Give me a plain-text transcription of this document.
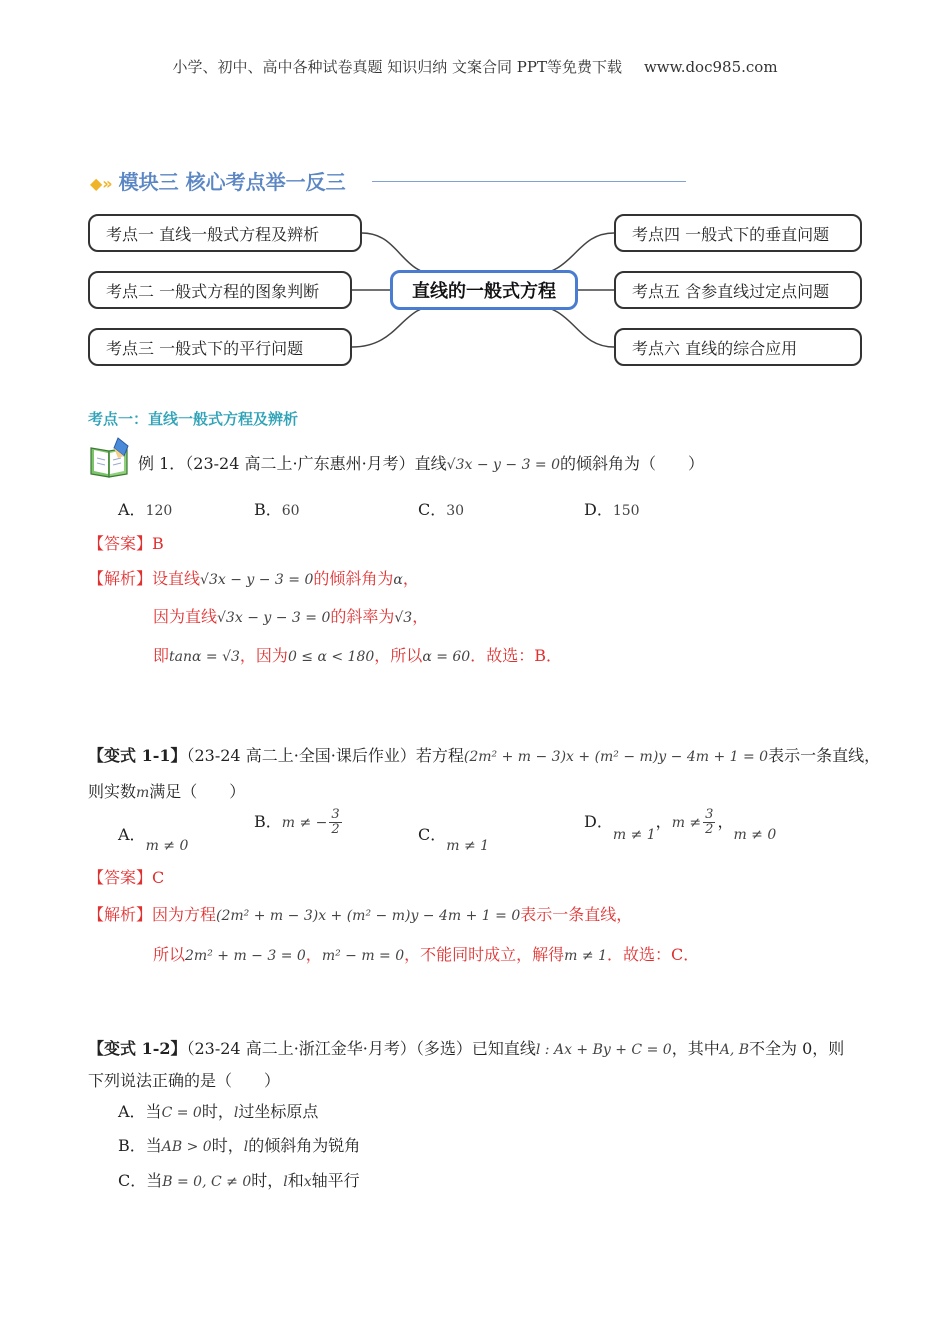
小学、初中、高中各种试卷真题 知识归纳 文案合同 PPT等免费下载 www.doc985.com
◆» 模块三 核心考点举一反三
考点一 直线一般式方程及辨析
考点二 一般式方程的图象判断
考点三 一般式下的平行问题
考点四 一般式下的垂直问题
考点五 含参直线过定点问题
考点六 直线的综合应用
直线的一般式方程
考点一：直线一般式方程及辨析
例 1．（23-24 高二上·广东惠州·月考）直线√3x − y − 3 = 0的倾斜角为（　　）
A．120	B．60	C．30	D．150
【答案】B
【解析】设直线√3x − y − 3 = 0的倾斜角为α，
因为直线√3x − y − 3 = 0的斜率为√3，
即tanα = √3，因为0 ≤ α < 180，所以α = 60．故选：B．
【变式 1-1】（23-24 高二上·全国·课后作业）若方程(2m² + m − 3)x + (m² − m)y − 4m + 1 = 0表示一条直线，
则实数m满足（　　）
A．m ≠ 0
B．m ≠ − $\frac{3}{2}$	C．m ≠ 1
D．m ≠ 1，$m \ne \frac{3}{2}$ ，m ≠ 0
【答案】C
【解析】因为方程(2m² + m − 3)x + (m² − m)y − 4m + 1 = 0表示一条直线，
所以2m² + m − 3 = 0，m² − m = 0，不能同时成立，解得m ≠ 1．故选：C．
【变式 1-2】（23-24 高二上·浙江金华·月考）（多选）已知直线l : Ax + By + C = 0，其中A, B不全为 0，则
下列说法正确的是（　　）
A．当C = 0时，l过坐标原点
B．当AB > 0时，l的倾斜角为锐角
C．当B = 0, C ≠ 0时，l和x轴平行
